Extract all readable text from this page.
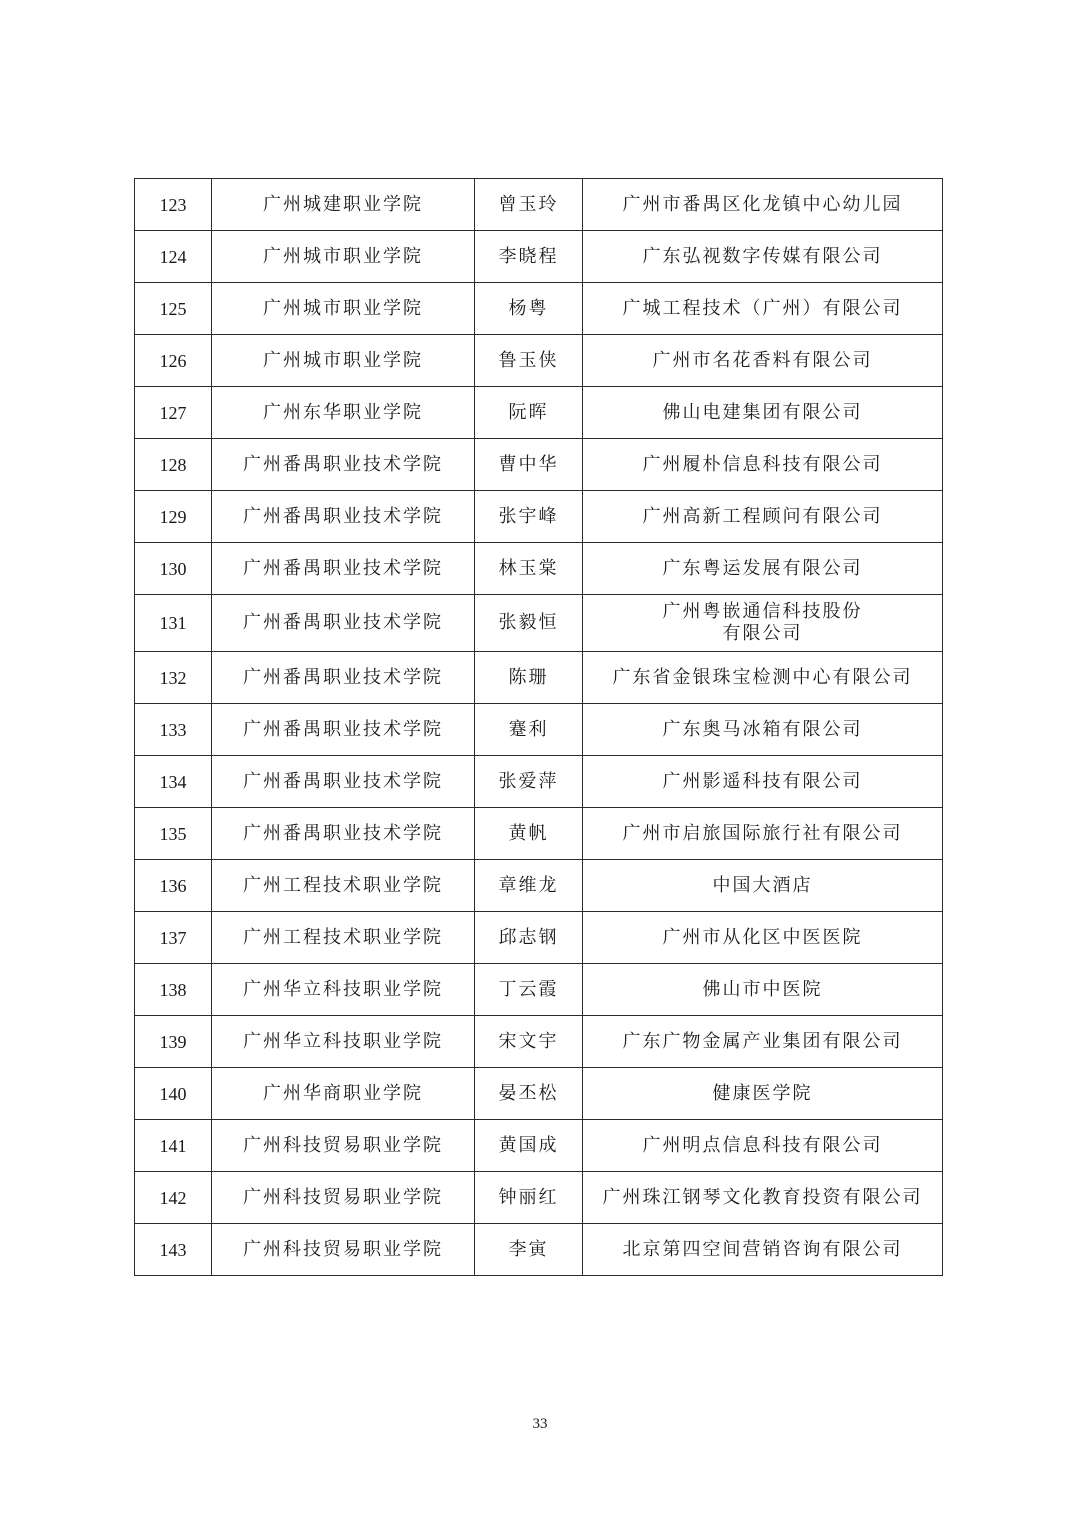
123	广州城建职业学院	曾玉玲	广州市番禺区化龙镇中心幼儿园
124	广州城市职业学院	李晓程	广东弘视数字传媒有限公司
125	广州城市职业学院	杨粤	广城工程技术（广州）有限公司
126	广州城市职业学院	鲁玉侠	广州市名花香料有限公司
127	广州东华职业学院	阮晖	佛山电建集团有限公司
128	广州番禺职业技术学院	曹中华	广州履朴信息科技有限公司
129	广州番禺职业技术学院	张宇峰	广州高新工程顾问有限公司
130	广州番禺职业技术学院	林玉棠	广东粤运发展有限公司
131	广州番禺职业技术学院	张毅恒	广州粤嵌通信科技股份
有限公司

132	广州番禺职业技术学院	陈珊	广东省金银珠宝检测中心有限公司
133	广州番禺职业技术学院	蹇利	广东奥马冰箱有限公司
134	广州番禺职业技术学院	张爱萍	广州影遥科技有限公司
135	广州番禺职业技术学院	黄帆	广州市启旅国际旅行社有限公司
136	广州工程技术职业学院	章维龙	中国大酒店
137	广州工程技术职业学院	邱志钢	广州市从化区中医医院
138	广州华立科技职业学院	丁云霞	佛山市中医院
139	广州华立科技职业学院	宋文宇	广东广物金属产业集团有限公司
140	广州华商职业学院	晏丕松	健康医学院
141	广州科技贸易职业学院	黄国成	广州明点信息科技有限公司
142	广州科技贸易职业学院	钟丽红	广州珠江钢琴文化教育投资有限公司
143	广州科技贸易职业学院	李寅	北京第四空间营销咨询有限公司
33
